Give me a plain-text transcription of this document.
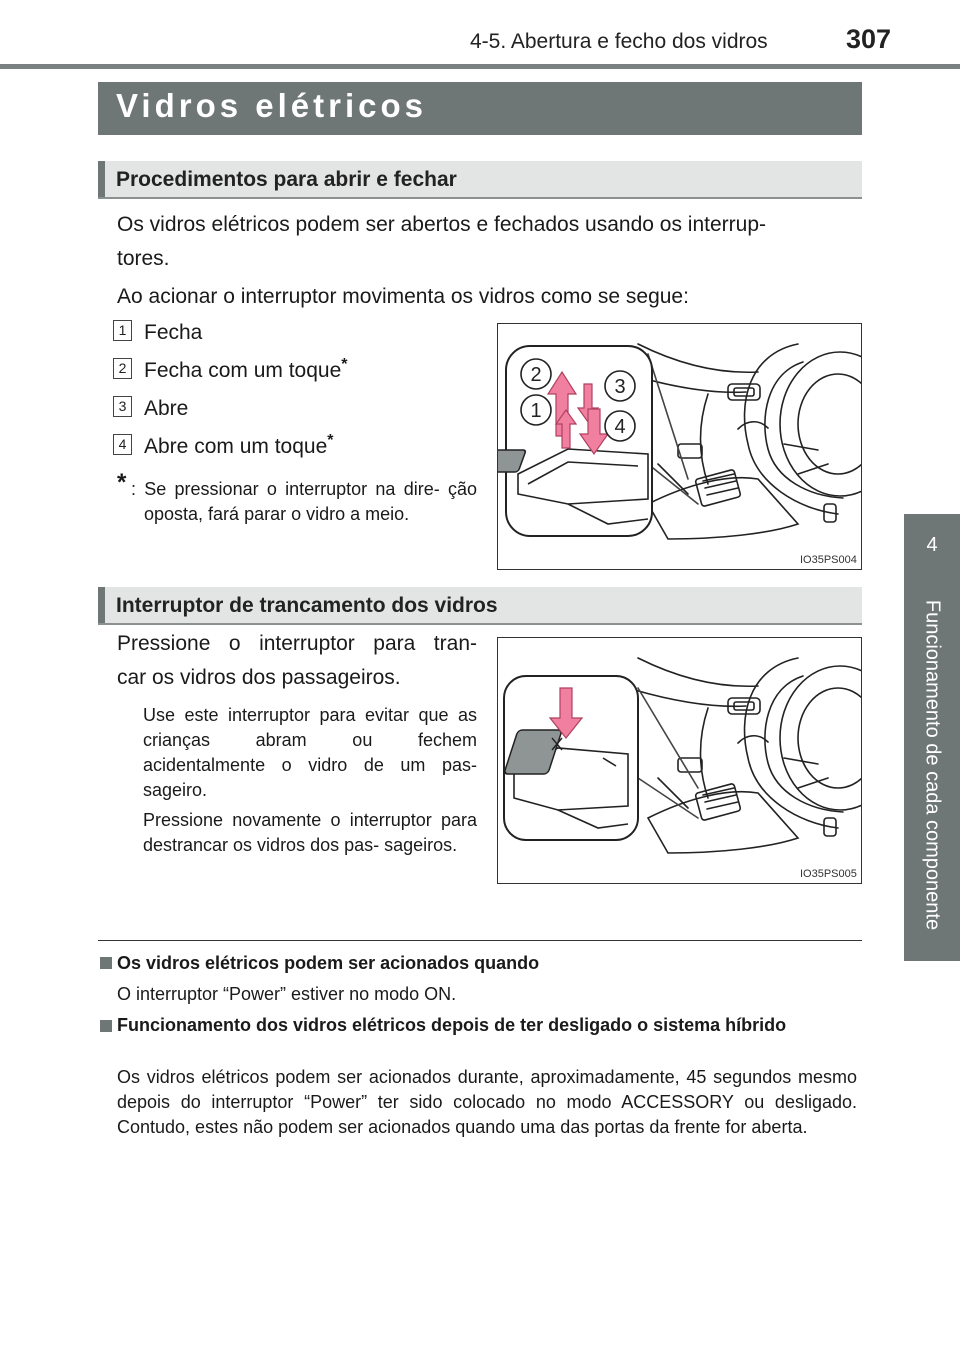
4-5. Abertura e fecho dos vidros	307
4
Funcionamento de cada componente
Vidros elétricos
Procedimentos para abrir e fechar
Os vidros elétricos podem ser abertos e fechados usando os interrup-
tores.
Ao acionar o interruptor movimenta os vidros como se segue:
1 Fecha
2 Fecha com um toque*
3 Abre
4 Abre com um toque*
* : Se pressionar o interruptor na dire- ção oposta, fará parar o vidro a meio.
2
3
1
4
IO35PS004
Interruptor de trancamento dos vidros
Pressione o interruptor para tran-
car os vidros dos passageiros.
Use este interruptor para evitar que as crianças abram ou fechem acidentalmente o vidro de um pas- sageiro.
Pressione novamente o interruptor para destrancar os vidros dos pas- sageiros.
IO35PS005
Os vidros elétricos podem ser acionados quando
O interruptor “Power” estiver no modo ON.
Funcionamento dos vidros elétricos depois de ter desligado o sistema híbrido
Os vidros elétricos podem ser acionados durante, aproximadamente, 45 segundos mesmo depois do interruptor “Power” ter sido colocado no modo ACCESSORY ou desligado. Contudo, estes não podem ser acionados quando uma das portas da frente for aberta.
